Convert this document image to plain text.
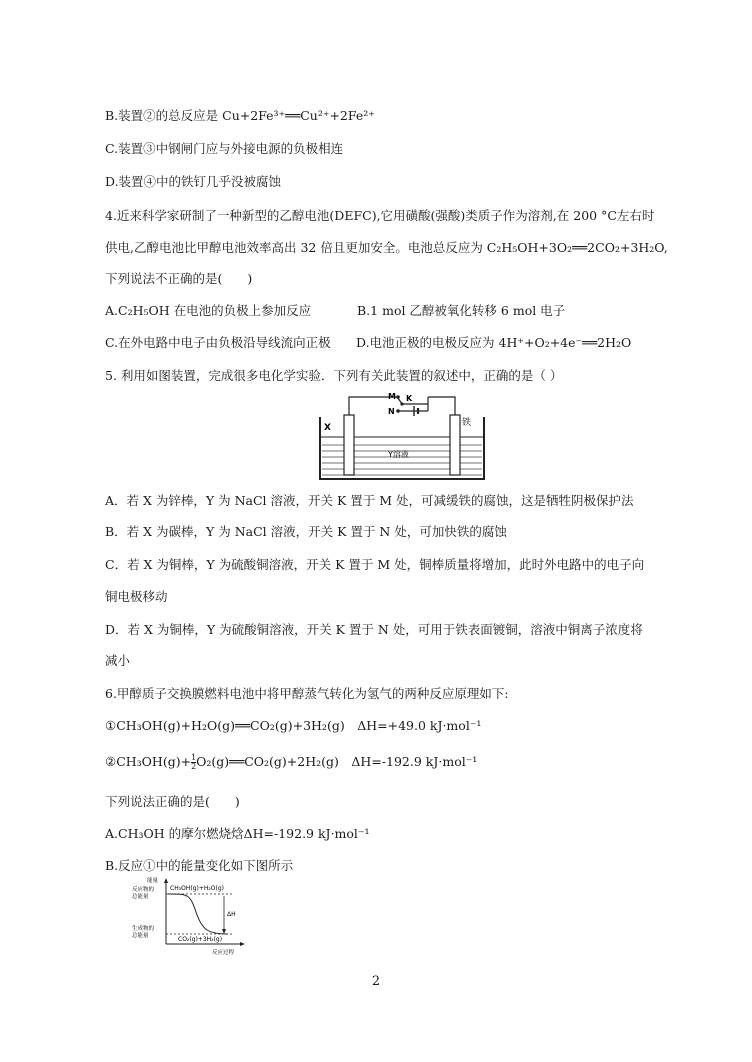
B.装置②的总反应是 Cu+2Fe³⁺══Cu²⁺+2Fe²⁺
C.装置③中钢闸门应与外接电源的负极相连
D.装置④中的铁钉几乎没被腐蚀
4.近来科学家研制了一种新型的乙醇电池(DEFC),它用磺酸(强酸)类质子作为溶剂,在 200 °C左右时
供电,乙醇电池比甲醇电池效率高出 32 倍且更加安全。电池总反应为 C₂H₅OH+3O₂══2CO₂+3H₂O,
下列说法不正确的是(　　)
A.C₂H₅OH 在电池的负极上参加反应	B.1 mol 乙醇被氧化转移 6 mol 电子
C.在外电路中电子由负极沿导线流向正极 D.电池正极的电极反应为 4H⁺+O₂+4e⁻══2H₂O
5. 利用如图装置，完成很多电化学实验．下列有关此装置的叙述中，正确的是（ ）
M K
N
X	铁
Y溶液
A．若 X 为锌棒，Y 为 NaCl 溶液，开关 K 置于 M 处，可减缓铁的腐蚀，这是牺牲阴极保护法
B．若 X 为碳棒，Y 为 NaCl 溶液，开关 K 置于 N 处，可加快铁的腐蚀
C．若 X 为铜棒，Y 为硫酸铜溶液，开关 K 置于 M 处，铜棒质量将增加，此时外电路中的电子向
铜电极移动
D．若 X 为铜棒，Y 为硫酸铜溶液，开关 K 置于 N 处，可用于铁表面镀铜，溶液中铜离子浓度将
减小
6.甲醇质子交换膜燃料电池中将甲醇蒸气转化为氢气的两种反应原理如下:
①CH₃OH(g)+H₂O(g)══CO₂(g)+3H₂(g)　ΔH=+49.0 kJ·mol⁻¹
②CH₃OH(g)+ $\frac{1}{2}$ O₂(g)══CO₂(g)+2H₂(g)　ΔH=-192.9 kJ·mol⁻¹
下列说法正确的是(　　)
A.CH₃OH 的摩尔燃烧焓ΔH=-192.9 kJ·mol⁻¹
B.反应①中的能量变化如下图所示
能量
反应物的
总能量
生成物的
总能量
CH₃OH(g)+H₂O(g)
CO₂(g)+3H₂(g)
ΔH
反应过程
2
